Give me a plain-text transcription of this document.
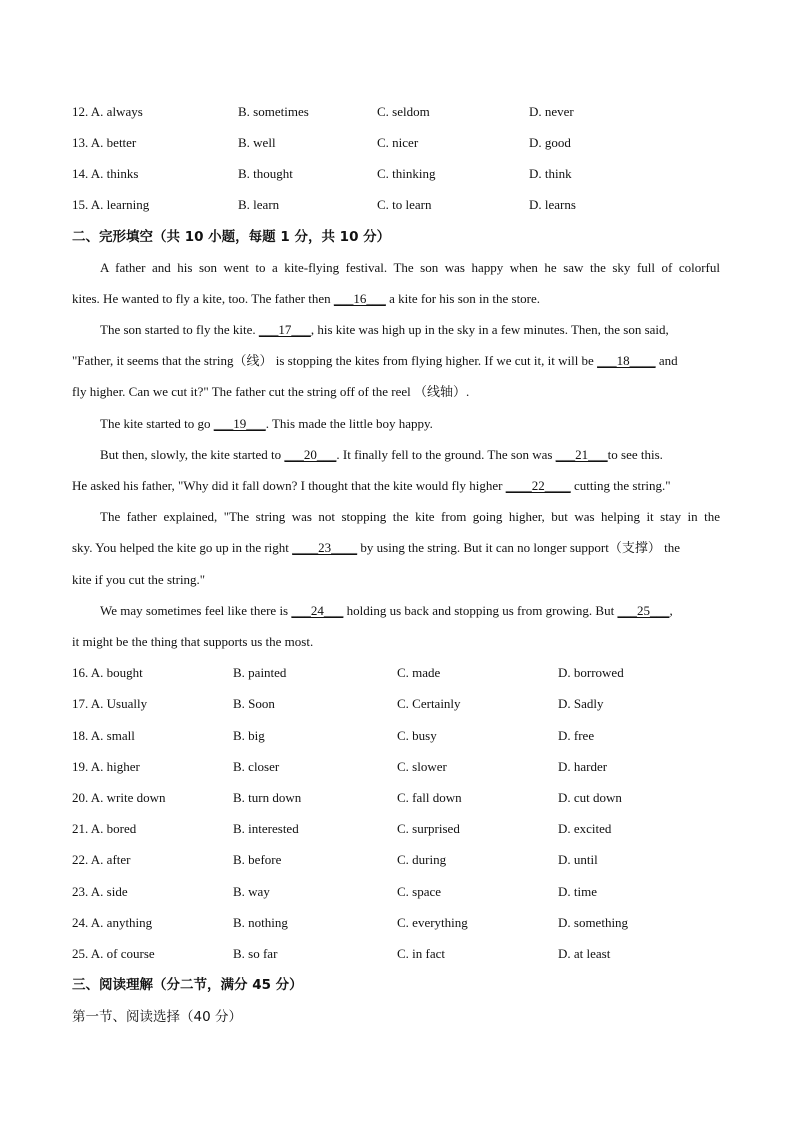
12. A. always	B. sometimes	C. seldom	D. never
13. A. better	B. well	C. nicer	D. good
14. A. thinks	B. thought	C. thinking	D. think
15. A. learning	B. learn	C. to learn	D. learns
二、完形填空（共 10 小题，每题 1 分，共 10 分）
A father and his son went to a kite-flying festival. The son was happy when he saw the sky full of colorful
kites. He wanted to fly a kite, too. The father then ___16___ a kite for his son in the store.
The son started to fly the kite. ___17___, his kite was high up in the sky in a few minutes. Then, the son said,
"Father, it seems that the string（线） is stopping the kites from flying higher. If we cut it, it will be ___18____ and
fly higher. Can we cut it?" The father cut the string off of the reel （线轴）.
The kite started to go ___19___. This made the little boy happy.
But then, slowly, the kite started to ___20___. It finally fell to the ground. The son was ___21___to see this.
He asked his father, "Why did it fall down? I thought that the kite would fly higher ____22____ cutting the string."
The father explained, "The string was not stopping the kite from going higher, but was helping it stay in the
sky. You helped the kite go up in the right ____23____ by using the string. But it can no longer support（支撑） the
kite if you cut the string."
We may sometimes feel like there is ___24___ holding us back and stopping us from growing. But ___25___,
it might be the thing that supports us the most.
16. A. bought	B. painted	C. made	D. borrowed
17. A. Usually	B. Soon	C. Certainly	D. Sadly
18. A. small	B. big	C. busy	D. free
19. A. higher	B. closer	C. slower	D. harder
20. A. write down	B. turn down	C. fall down	D. cut down
21. A. bored	B. interested	C. surprised	D. excited
22. A. after	B. before	C. during	D. until
23. A. side	B. way	C. space	D. time
24. A. anything	B. nothing	C. everything	D. something
25. A. of course	B. so far	C. in fact	D. at least
三、阅读理解（分二节，满分 45 分）
第一节、阅读选择（40 分）
